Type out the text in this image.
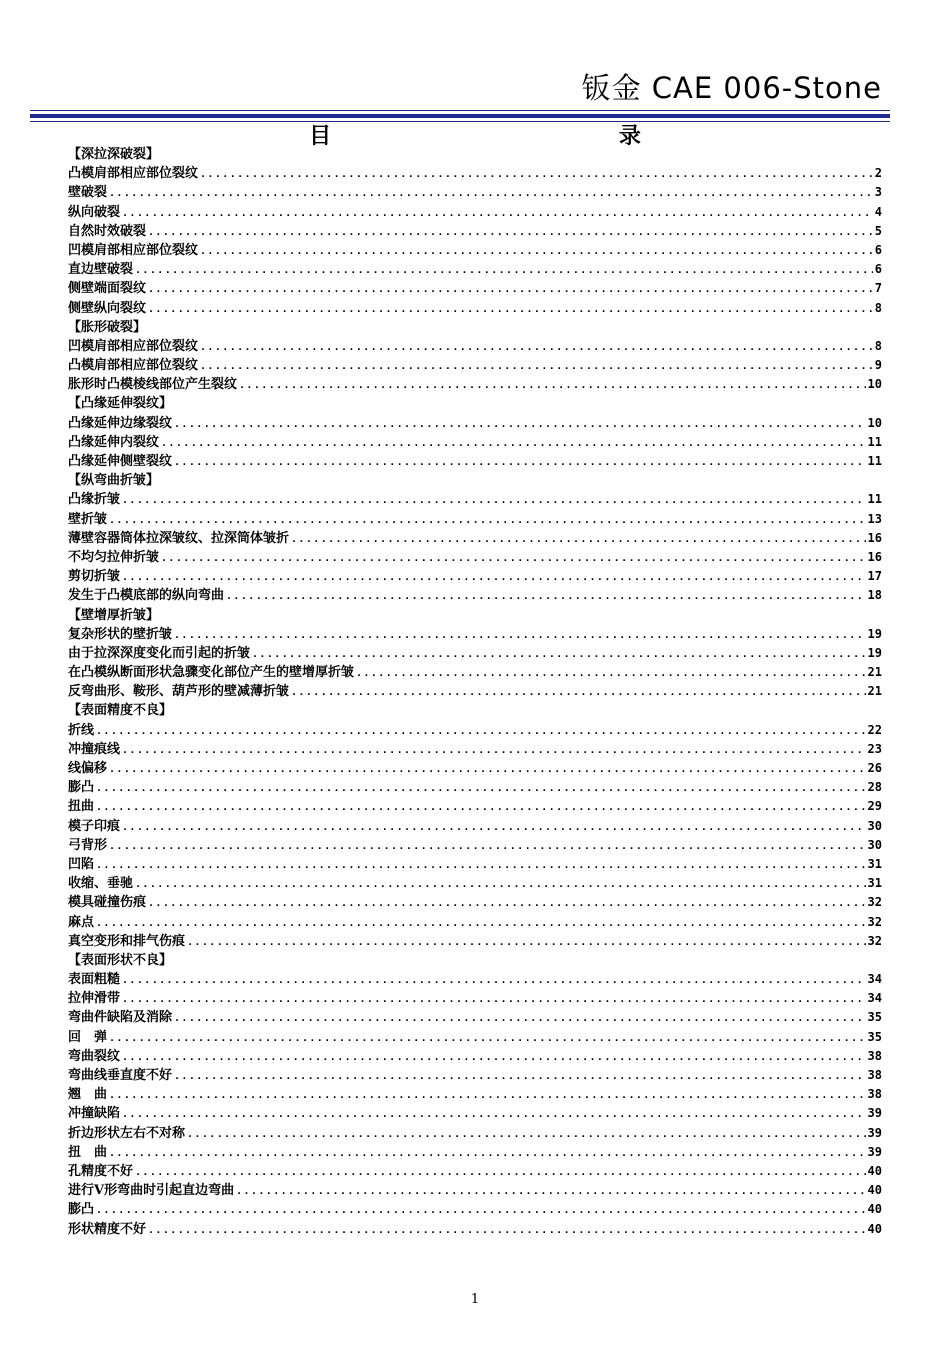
钣金 CAE 006-Stone
目 录
【深拉深破裂】
凸模肩部相应部位裂纹 .....	2
壁破裂 .....	3
纵向破裂 .....	4
自然时效破裂 .....	5
凹模肩部相应部位裂纹 .....	6
直边壁破裂 .....	6
侧壁端面裂纹 .....	7
侧壁纵向裂纹 .....	8
【胀形破裂】
凹模肩部相应部位裂纹 .....	8
凸模肩部相应部位裂纹 .....	9
胀形时凸模棱线部位产生裂纹 .....	10
【凸缘延伸裂纹】
凸缘延伸边缘裂纹 .....	10
凸缘延伸内裂纹 .....	11
凸缘延伸侧壁裂纹 .....	11
【纵弯曲折皱】
凸缘折皱 .....	11
壁折皱 .....	13
薄壁容器筒体拉深皱纹、拉深筒体皱折 .....	16
不均匀拉伸折皱 .....	16
剪切折皱 .....	17
发生于凸模底部的纵向弯曲 .....	18
【壁增厚折皱】
复杂形状的壁折皱 .....	19
由于拉深深度变化而引起的折皱 .....	19
在凸模纵断面形状急骤变化部位产生的壁增厚折皱 .....	21
反弯曲形、鞍形、葫芦形的壁减薄折皱 .....	21
【表面精度不良】
折线 .....	22
冲撞痕线 .....	23
线偏移 .....	26
膨凸 .....	28
扭曲 .....	29
模子印痕 .....	30
弓背形 .....	30
凹陷 .....	31
收缩、垂驰 .....	31
模具碰撞伤痕 .....	32
麻点 .....	32
真空变形和排气伤痕 .....	32
【表面形状不良】
表面粗糙 .....	34
拉伸滑带 .....	34
弯曲件缺陷及消除 .....	35
回　弹 .....	35
弯曲裂纹 .....	38
弯曲线垂直度不好 .....	38
翘　曲 .....	38
冲撞缺陷 .....	39
折边形状左右不对称 .....	39
扭　曲 .....	39
孔精度不好 .....	40
进行V形弯曲时引起直边弯曲 .....	40
膨凸 .....	40
形状精度不好 .....	40
1
